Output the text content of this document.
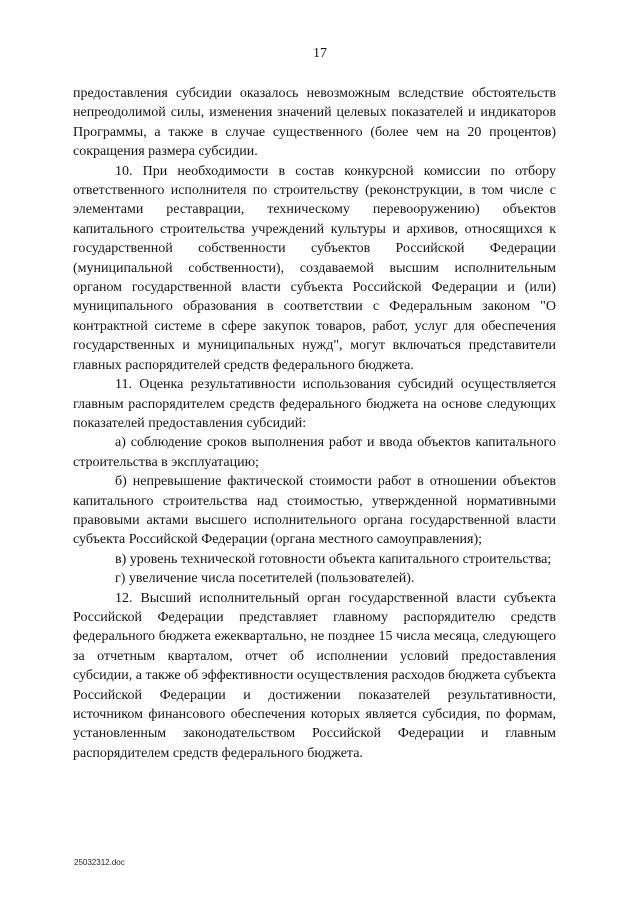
17

предоставления субсидии оказалось невозможным вследствие обстоятельств непреодолимой силы, изменения значений целевых показателей и индикаторов Программы, а также в случае существенного (более чем на 20 процентов) сокращения размера субсидии.

10. При необходимости в состав конкурсной комиссии по отбору ответственного исполнителя по строительству (реконструкции, в том числе с элементами реставрации, техническому перевооружению) объектов капитального строительства учреждений культуры и архивов, относящихся к государственной собственности субъектов Российской Федерации (муниципальной собственности), создаваемой высшим исполнительным органом государственной власти субъекта Российской Федерации и (или) муниципального образования в соответствии с Федеральным законом "О контрактной системе в сфере закупок товаров, работ, услуг для обеспечения государственных и муниципальных нужд", могут включаться представители главных распорядителей средств федерального бюджета.

11. Оценка результативности использования субсидий осуществляется главным распорядителем средств федерального бюджета на основе следующих показателей предоставления субсидий:

а) соблюдение сроков выполнения работ и ввода объектов капитального строительства в эксплуатацию;

б) непревышение фактической стоимости работ в отношении объектов капитального строительства над стоимостью, утвержденной нормативными правовыми актами высшего исполнительного органа государственной власти субъекта Российской Федерации (органа местного самоуправления);

в) уровень технической готовности объекта капитального строительства;

г) увеличение числа посетителей (пользователей).

12. Высший исполнительный орган государственной власти субъекта Российской Федерации представляет главному распорядителю средств федерального бюджета ежеквартально, не позднее 15 числа месяца, следующего за отчетным кварталом, отчет об исполнении условий предоставления субсидии, а также об эффективности осуществления расходов бюджета субъекта Российской Федерации и достижении показателей результативности, источником финансового обеспечения которых является субсидия, по формам, установленным законодательством Российской Федерации и главным распорядителем средств федерального бюджета.

25032312.doc
